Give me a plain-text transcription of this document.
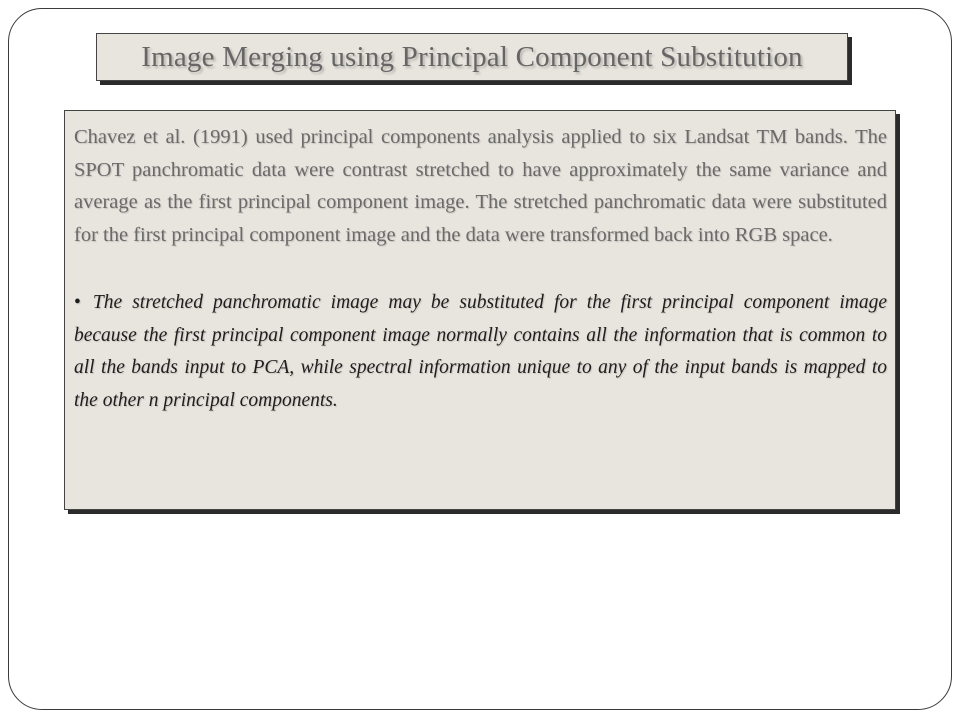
Image Merging using Principal Component Substitution

Chavez et al. (1991) used principal components analysis applied to six Landsat TM bands. The SPOT panchromatic data were contrast stretched to have approximately the same variance and average as the first principal component image. The stretched panchromatic data were substituted for the first principal component image and the data were transformed back into RGB space.

• The stretched panchromatic image may be substituted for the first principal component image because the first principal component image normally contains all the information that is common to all the bands input to PCA, while spectral information unique to any of the input bands is mapped to the other n principal components.
